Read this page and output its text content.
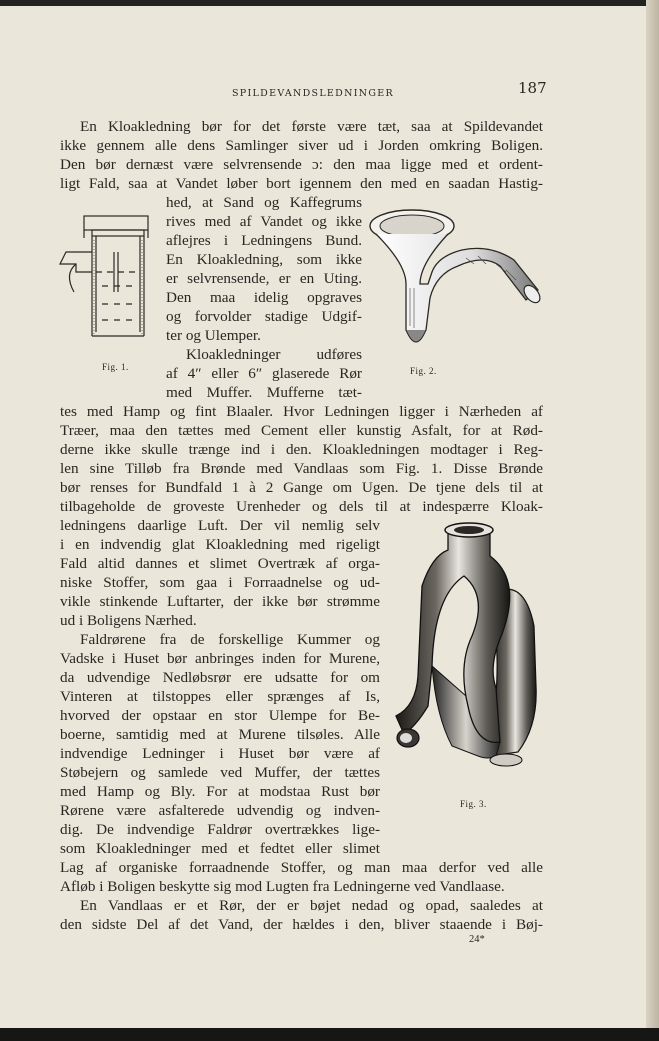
SPILDEVANDSLEDNINGER	187
En Kloakledning bør for det første være tæt, saa at Spildevandet
ikke gennem alle dens Samlinger siver ud i Jorden omkring Boligen.
Den bør dernæst være selvrensende ɔ: den maa ligge med et ordent-
ligt Fald, saa at Vandet løber bort igennem den med en saadan Hastig-
hed, at Sand og Kaffegrums
rives med af Vandet og ikke
aflejres i Ledningens Bund.
En Kloakledning, som ikke
er selvrensende, er en Uting.
Den maa idelig opgraves
og forvolder stadige Udgif-
ter og Ulemper.
Kloakledninger udføres
af 4″ eller 6″ glaserede Rør
med Muffer. Mufferne tæt-
tes med Hamp og fint Blaaler. Hvor Ledningen ligger i Nærheden af
Træer, maa den tættes med Cement eller kunstig Asfalt, for at Rød-
derne ikke skulle trænge ind i den. Kloakledningen modtager i Reg-
len sine Tilløb fra Brønde med Vandlaas som Fig. 1. Disse Brønde
bør renses for Bundfald 1 à 2 Gange om Ugen. De tjene dels til at
tilbageholde de groveste Urenheder og dels til at indespærre Kloak-
ledningens daarlige Luft. Der vil nemlig selv
i en indvendig glat Kloakledning med rigeligt
Fald altid dannes et slimet Overtræk af orga-
niske Stoffer, som gaa i Forraadnelse og ud-
vikle stinkende Luftarter, der ikke bør strømme
ud i Boligens Nærhed.
Faldrørene fra de forskellige Kummer og
Vadske i Huset bør anbringes inden for Murene,
da udvendige Nedløbsrør ere udsatte for om
Vinteren at tilstoppes eller sprænges af Is,
hvorved der opstaar en stor Ulempe for Be-
boerne, samtidig med at Murene tilsøles. Alle
indvendige Ledninger i Huset bør være af
Støbejern og samlede ved Muffer, der tættes
med Hamp og Bly. For at modstaa Rust bør
Rørene være asfalterede udvendig og indven-
dig. De indvendige Faldrør overtrækkes lige-
som Kloakledninger med et fedtet eller slimet
Lag af organiske forraadnende Stoffer, og man maa derfor ved alle
Afløb i Boligen beskytte sig mod Lugten fra Ledningerne ved Vandlaase.
En Vandlaas er et Rør, der er bøjet nedad og opad, saaledes at
den sidste Del af det Vand, der hældes i den, bliver staaende i Bøj-
24*
Fig. 1.	Fig. 2.
Fig. 3.
